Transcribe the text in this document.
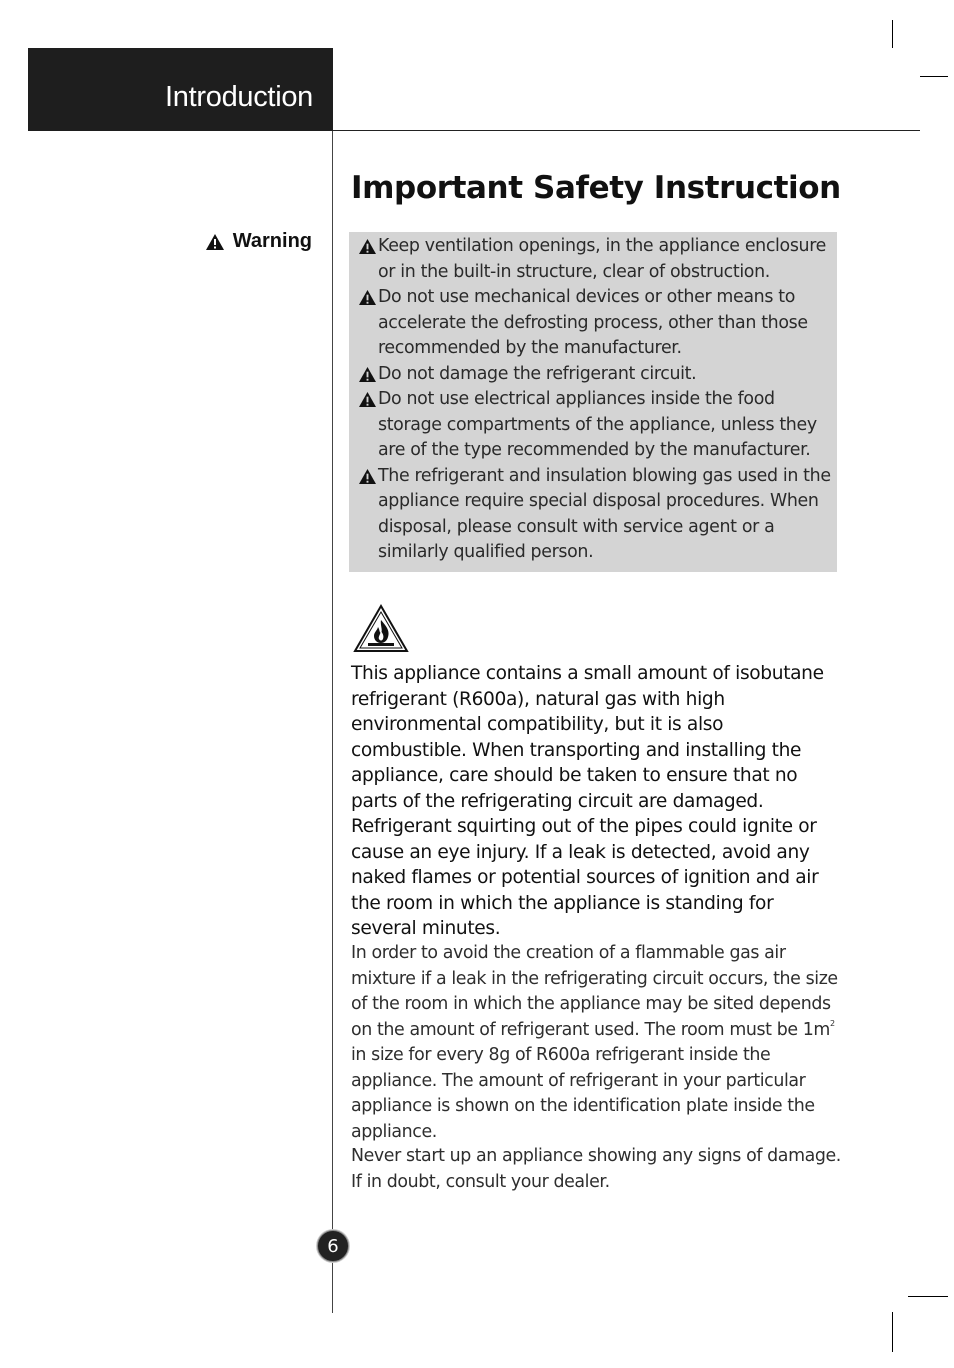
Introduction
Important Safety Instruction
Warning	Keep ventilation openings, in the appliance enclosure or in the built-in structure, clear of obstruction.
Do not use mechanical devices or other means to accelerate the defrosting process, other than those recommended by the manufacturer.
Do not damage the refrigerant circuit.
Do not use electrical appliances inside the food storage compartments of the appliance, unless they are of the type recommended by the manufacturer.
The refrigerant and insulation blowing gas used in the appliance require special disposal procedures. When disposal, please consult with service agent or a similarly qualified person.

This appliance contains a small amount of isobutane refrigerant (R600a), natural gas with high environmental compatibility, but it is also combustible. When transporting and installing the appliance, care should be taken to ensure that no parts of the refrigerating circuit are damaged. Refrigerant squirting out of the pipes could ignite or cause an eye injury. If a leak is detected, avoid any naked flames or potential sources of ignition and air the room in which the appliance is standing for several minutes.

In order to avoid the creation of a flammable gas air mixture if a leak in the refrigerating circuit occurs, the size of the room in which the appliance may be sited depends on the amount of refrigerant used. The room must be $1m^2$ in size for every 8g of R600a refrigerant inside the appliance. The amount of refrigerant in your particular appliance is shown on the identification plate inside the appliance.

Never start up an appliance showing any signs of damage. If in doubt, consult your dealer.

6
